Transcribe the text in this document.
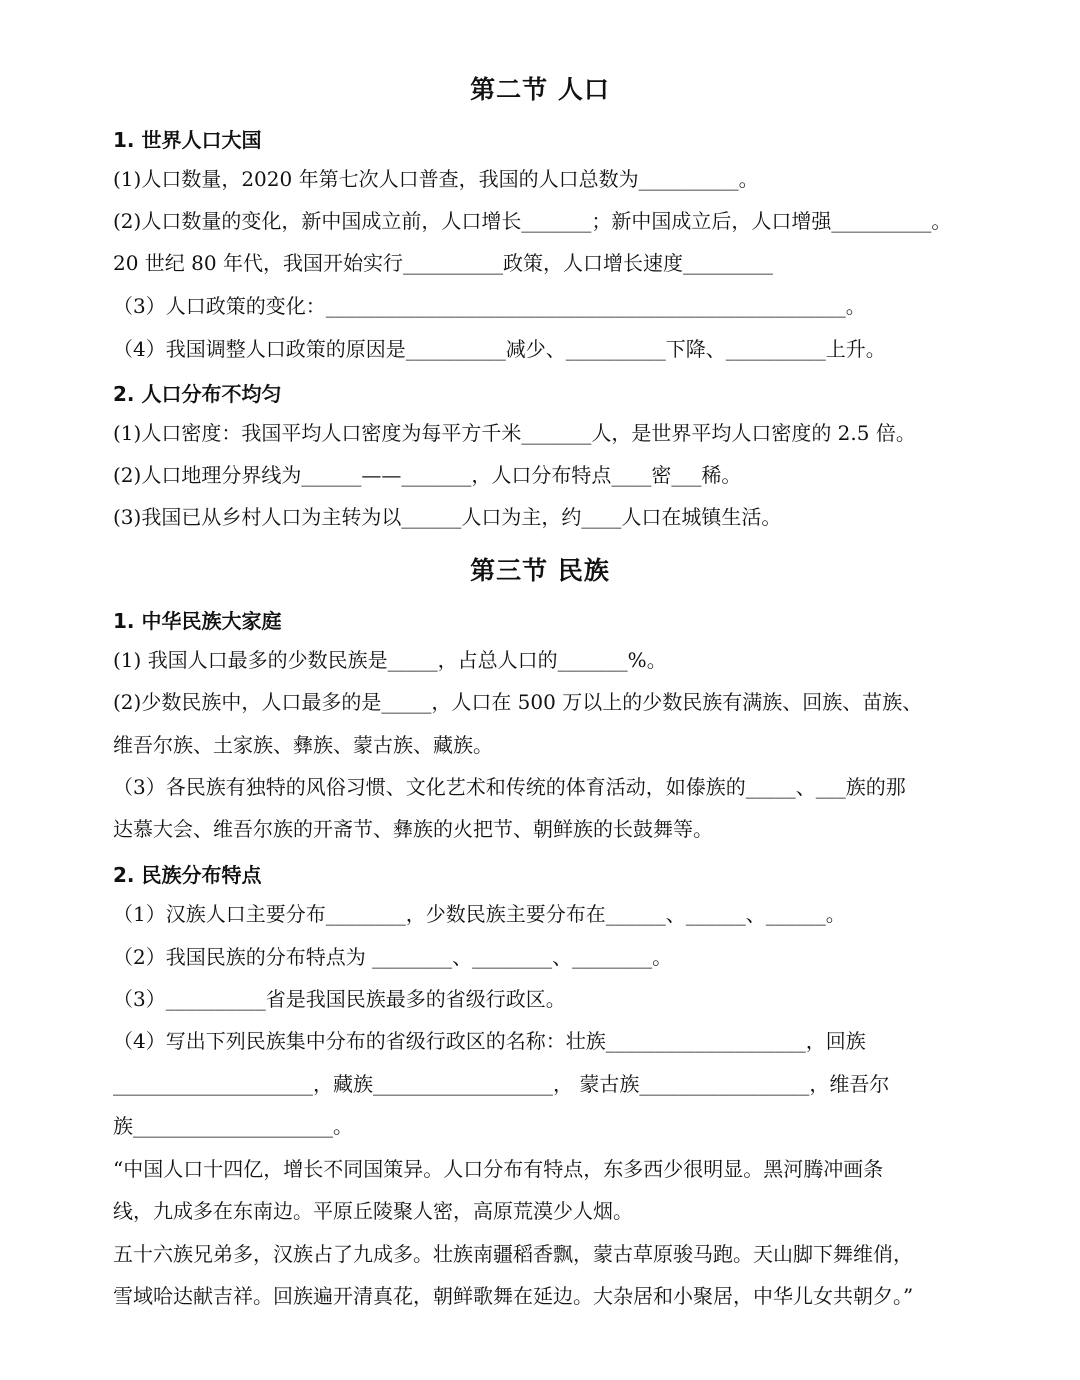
第二节 人口
1. 世界人口大国
(1)人口数量，2020 年第七次人口普查，我国的人口总数为__________。
(2)人口数量的变化，新中国成立前，人口增长_______；新中国成立后，人口增强__________。
20 世纪 80 年代，我国开始实行__________政策，人口增长速度_________
（3）人口政策的变化：____________________________________________________。
（4）我国调整人口政策的原因是__________减少、__________下降、__________上升。
2. 人口分布不均匀
(1)人口密度：我国平均人口密度为每平方千米_______人，是世界平均人口密度的 2.5 倍。
(2)人口地理分界线为______——_______，人口分布特点____密___稀。
(3)我国已从乡村人口为主转为以______人口为主，约____人口在城镇生活。
第三节 民族
1. 中华民族大家庭
(1) 我国人口最多的少数民族是_____，占总人口的_______%。
(2)少数民族中，人口最多的是_____，人口在 500 万以上的少数民族有满族、回族、苗族、
维吾尔族、土家族、彝族、蒙古族、藏族。
（3）各民族有独特的风俗习惯、文化艺术和传统的体育活动，如傣族的_____、___族的那
达慕大会、维吾尔族的开斋节、彝族的火把节、朝鲜族的长鼓舞等。
2. 民族分布特点
（1）汉族人口主要分布________，少数民族主要分布在______、______、______。
（2）我国民族的分布特点为 ________、________、________。
（3）__________省是我国民族最多的省级行政区。
（4）写出下列民族集中分布的省级行政区的名称：壮族____________________，回族
____________________，藏族__________________， 蒙古族_________________，维吾尔
族____________________。
“中国人口十四亿，增长不同国策异。人口分布有特点，东多西少很明显。黑河腾冲画条
线，九成多在东南边。平原丘陵聚人密，高原荒漠少人烟。
五十六族兄弟多，汉族占了九成多。壮族南疆稻香飘，蒙古草原骏马跑。天山脚下舞维俏，
雪域哈达献吉祥。回族遍开清真花，朝鲜歌舞在延边。大杂居和小聚居，中华儿女共朝夕。”
